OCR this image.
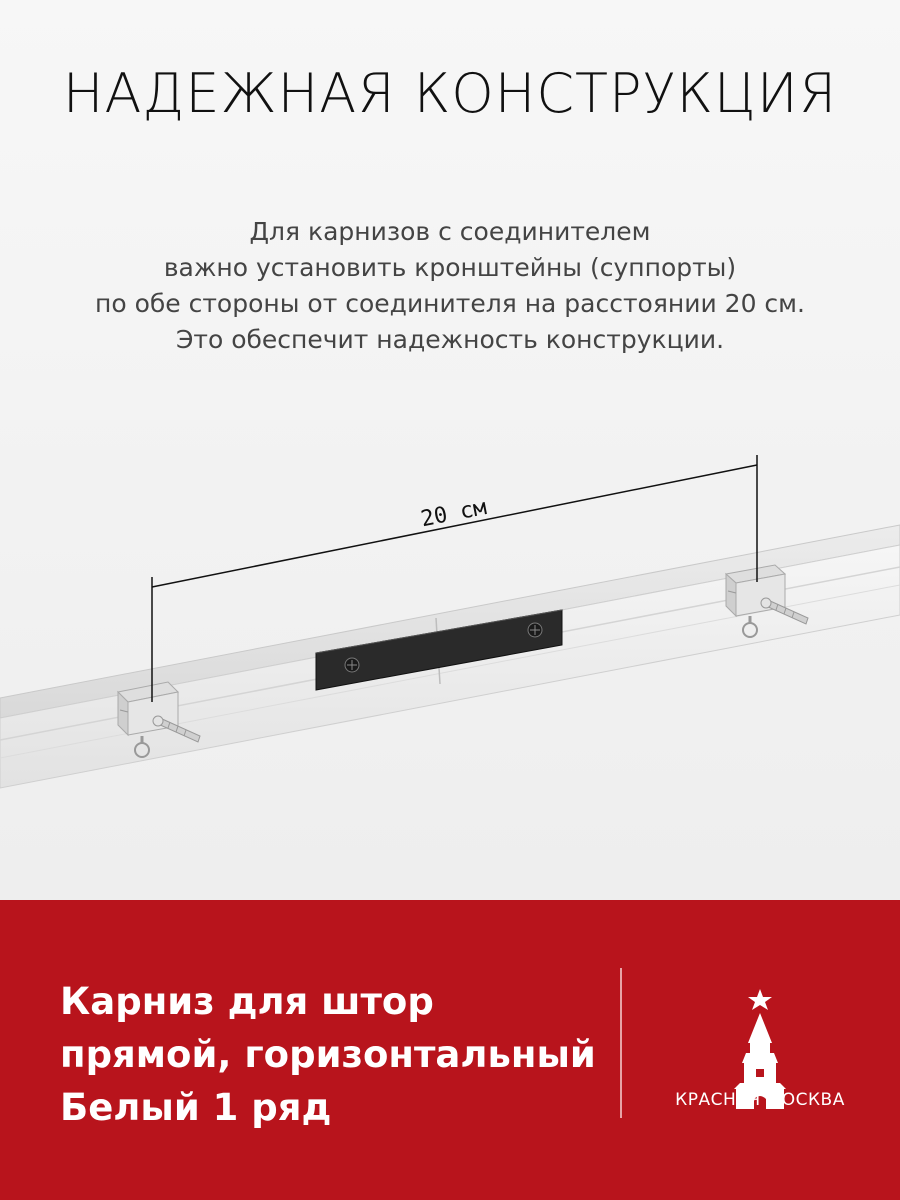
НАДЕЖНАЯ КОНСТРУКЦИЯ
Для карнизов с соединителем
важно установить кронштейны (суппорты)
по обе стороны от соединителя на расстоянии 20 см.
Это обеспечит надежность конструкции.
20 см
Карниз для штор
прямой, горизонтальный
Белый 1 ряд	КРАСНАЯ МОСКВА
